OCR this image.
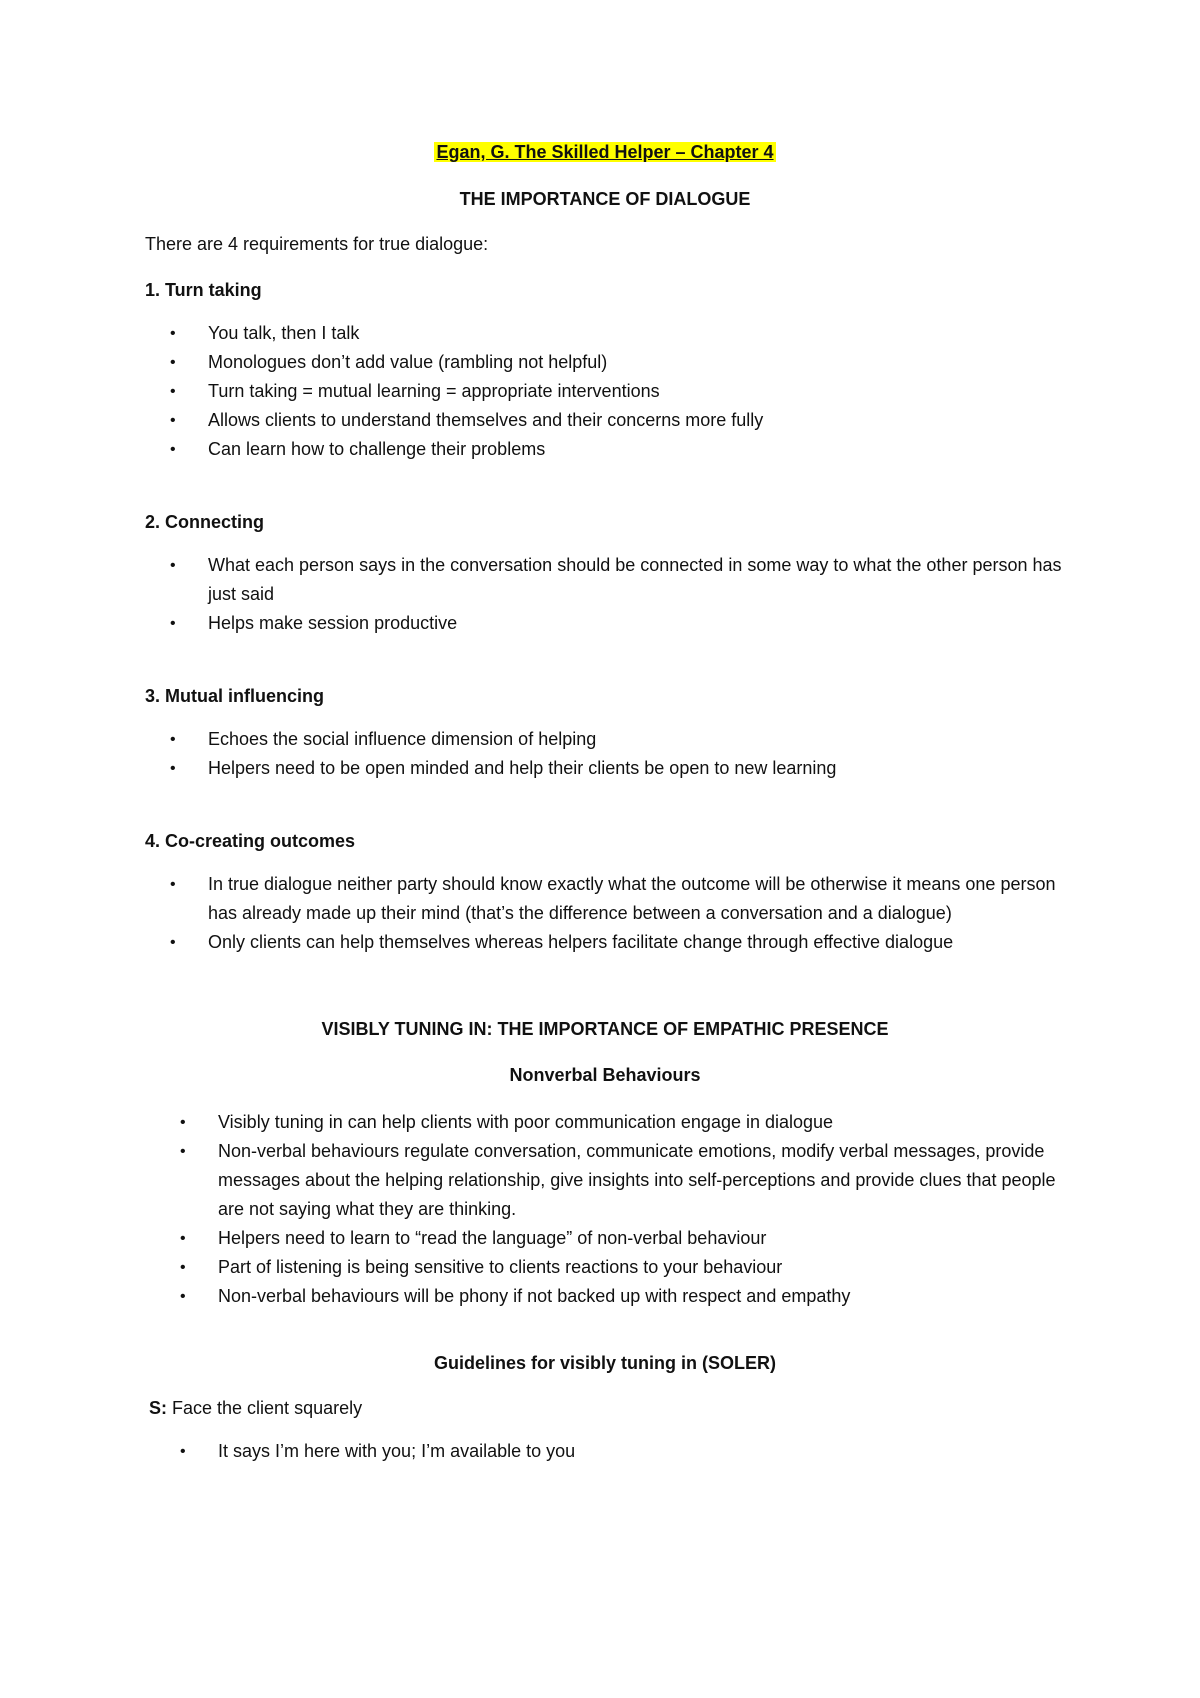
Egan, G. The Skilled Helper – Chapter 4
THE IMPORTANCE OF DIALOGUE
There are 4 requirements for true dialogue:
1. Turn taking
• You talk, then I talk
• Monologues don’t add value (rambling not helpful)
• Turn taking = mutual learning = appropriate interventions
• Allows clients to understand themselves and their concerns more fully
• Can learn how to challenge their problems
2. Connecting
• What each person says in the conversation should be connected in some way to what the other person has just said
• Helps make session productive
3. Mutual influencing
• Echoes the social influence dimension of helping
• Helpers need to be open minded and help their clients be open to new learning
4. Co-creating outcomes
• In true dialogue neither party should know exactly what the outcome will be otherwise it means one person has already made up their mind (that’s the difference between a conversation and a dialogue)
• Only clients can help themselves whereas helpers facilitate change through effective dialogue
VISIBLY TUNING IN: THE IMPORTANCE OF EMPATHIC PRESENCE
Nonverbal Behaviours
• Visibly tuning in can help clients with poor communication engage in dialogue
• Non-verbal behaviours regulate conversation, communicate emotions, modify verbal messages, provide messages about the helping relationship, give insights into self-perceptions and provide clues that people are not saying what they are thinking.
• Helpers need to learn to “read the language” of non-verbal behaviour
• Part of listening is being sensitive to clients reactions to your behaviour
• Non-verbal behaviours will be phony if not backed up with respect and empathy
Guidelines for visibly tuning in (SOLER)
S: Face the client squarely
• It says I’m here with you; I’m available to you
